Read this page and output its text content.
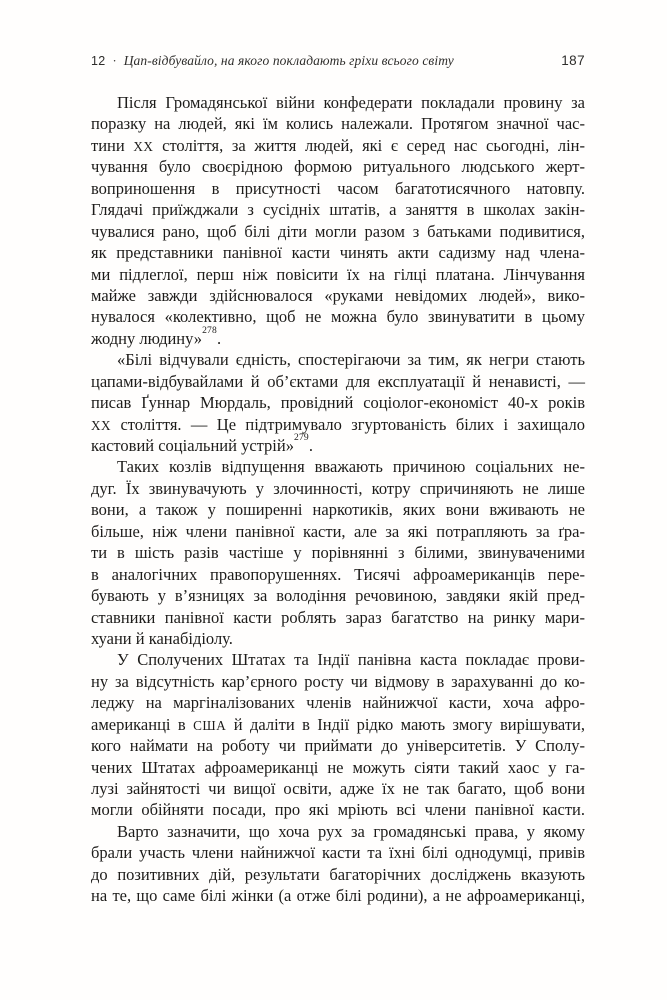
12 · Цап-відбувайло, на якого покладають гріхи всього світу	187
Після Громадянської війни конфедерати покладали провину за
поразку на людей, які їм колись належали. Протягом значної час-
тини XX століття, за життя людей, які є серед нас сьогодні, лін-
чування було своєрідною формою ритуального людського жерт-
воприношення в присутності часом багатотисячного натовпу.
Глядачі приїжджали з сусідніх штатів, а заняття в школах закін-
чувалися рано, щоб білі діти могли разом з батьками подивитися,
як представники панівної касти чинять акти садизму над члена-
ми підлеглої, перш ніж повісити їх на гілці платана. Лінчування
майже завжди здійснювалося «руками невідомих людей», вико-
нувалося «колективно, щоб не можна було звинуватити в цьому
жодну людину»$^{278}$.
«Білі відчували єдність, спостерігаючи за тим, як негри стають
цапами-відбувайлами й об’єктами для експлуатації й ненависті, —
писав Ґуннар Мюрдаль, провідний соціолог-економіст 40-х років
XX століття. — Це підтримувало згуртованість білих і захищало
кастовий соціальний устрій»$^{279}$.
Таких козлів відпущення вважають причиною соціальних не-
дуг. Їх звинувачують у злочинності, котру спричиняють не лише
вони, а також у поширенні наркотиків, яких вони вживають не
більше, ніж члени панівної касти, але за які потрапляють за ґра-
ти в шість разів частіше у порівнянні з білими, звинуваченими
в аналогічних правопорушеннях. Тисячі афроамериканців пере-
бувають у в’язницях за володіння речовиною, завдяки якій пред-
ставники панівної касти роблять зараз багатство на ринку мари-
хуани й канабідіолу.
У Сполучених Штатах та Індії панівна каста покладає прови-
ну за відсутність кар’єрного росту чи відмову в зарахуванні до ко-
леджу на маргіналізованих членів найнижчої касти, хоча афро-
американці в США й даліти в Індії рідко мають змогу вирішувати,
кого наймати на роботу чи приймати до університетів. У Сполу-
чених Штатах афроамериканці не можуть сіяти такий хаос у га-
лузі зайнятості чи вищої освіти, адже їх не так багато, щоб вони
могли обійняти посади, про які мріють всі члени панівної касти.
Варто зазначити, що хоча рух за громадянські права, у якому
брали участь члени найнижчої касти та їхні білі однодумці, привів
до позитивних дій, результати багаторічних досліджень вказують
на те, що саме білі жінки (а отже білі родини), а не афроамериканці,
